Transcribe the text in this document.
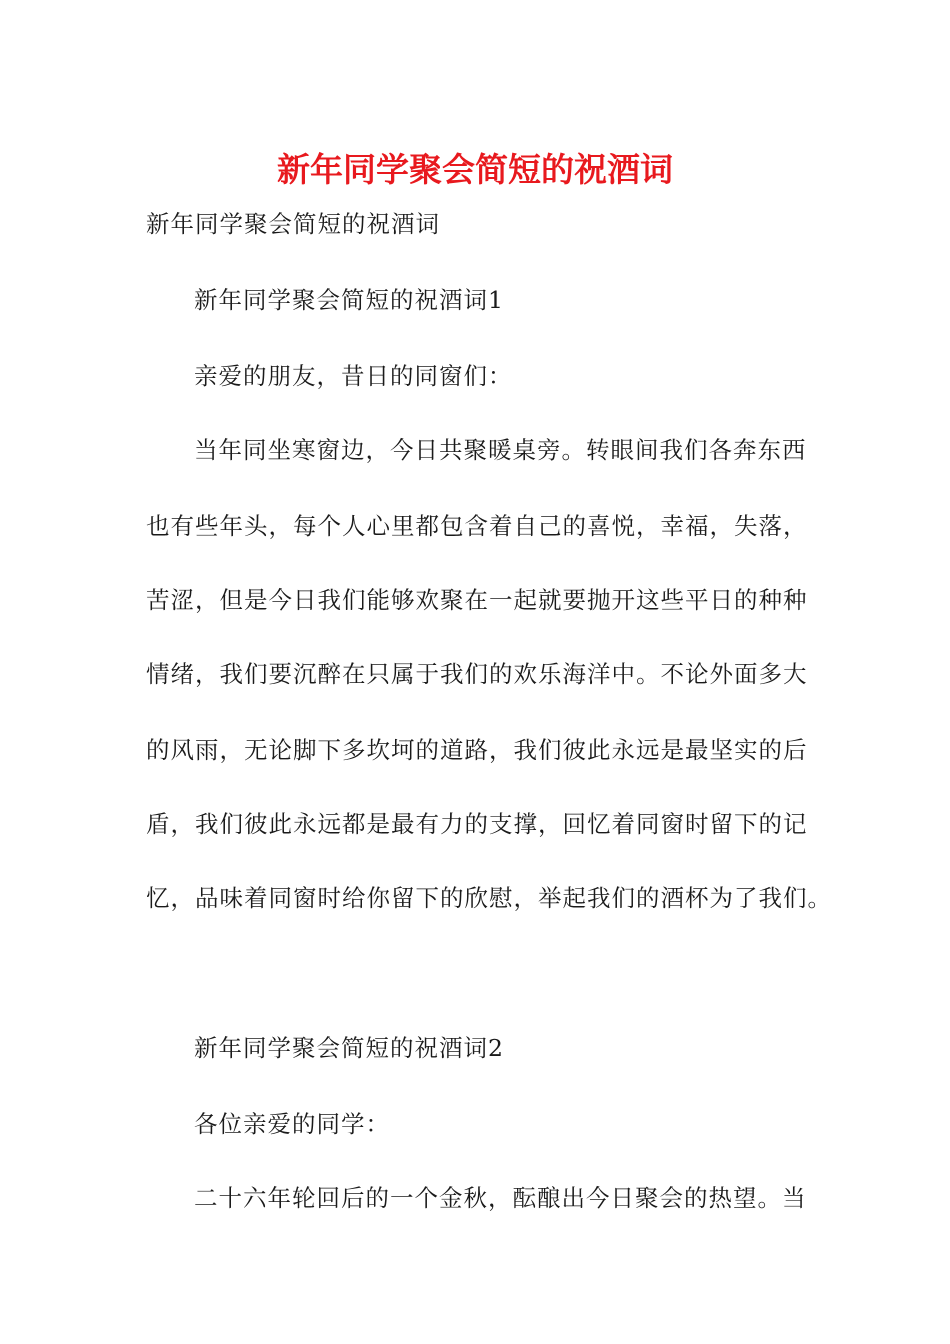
新年同学聚会简短的祝酒词
新年同学聚会简短的祝酒词
新年同学聚会简短的祝酒词1
亲爱的朋友，昔日的同窗们：
当年同坐寒窗边，今日共聚暖桌旁。转眼间我们各奔东西
也有些年头，每个人心里都包含着自己的喜悦，幸福，失落，
苦涩，但是今日我们能够欢聚在一起就要抛开这些平日的种种
情绪，我们要沉醉在只属于我们的欢乐海洋中。不论外面多大
的风雨，无论脚下多坎坷的道路，我们彼此永远是最坚实的后
盾，我们彼此永远都是最有力的支撑，回忆着同窗时留下的记
忆，品味着同窗时给你留下的欣慰，举起我们的酒杯为了我们。
新年同学聚会简短的祝酒词2
各位亲爱的同学：
二十六年轮回后的一个金秋，酝酿出今日聚会的热望。当
